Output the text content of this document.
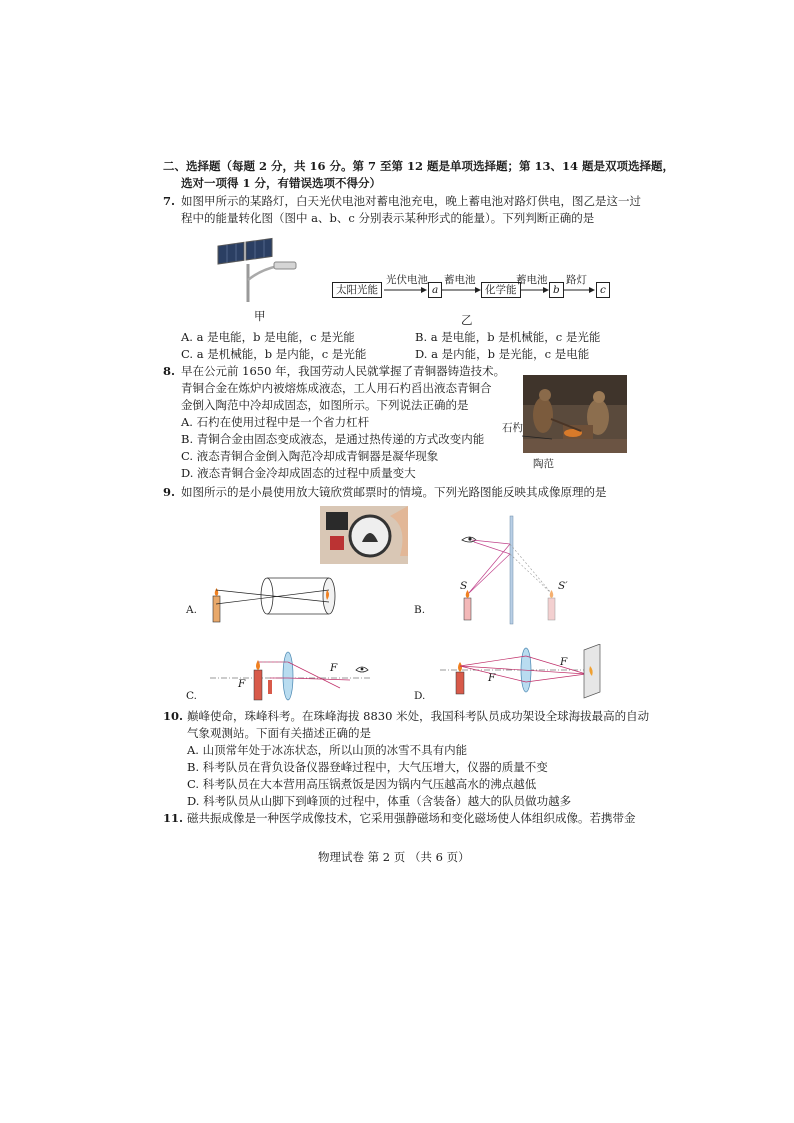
二、选择题（每题 2 分，共 16 分。第 7 至第 12 题是单项选择题；第 13、14 题是双项选择题，
选对一项得 1 分，有错误选项不得分）
7. 如图甲所示的某路灯，白天光伏电池对蓄电池充电，晚上蓄电池对路灯供电，图乙是这一过
程中的能量转化图（图中 a、b、c 分别表示某种形式的能量）。下列判断正确的是
甲
太阳光能
光伏电池
a
蓄电池
化学能
蓄电池
b
路灯
c
乙
A. a 是电能，b 是电能，c 是光能	B. a 是电能，b 是机械能，c 是光能
C. a 是机械能，b 是内能，c 是光能	D. a 是内能，b 是光能，c 是电能
8. 早在公元前 1650 年，我国劳动人民就掌握了青铜器铸造技术。
青铜合金在炼炉内被熔炼成液态，工人用石杓舀出液态青铜合
金倒入陶范中冷却成固态，如图所示。下列说法正确的是
A. 石杓在使用过程中是一个省力杠杆
B. 青铜合金由固态变成液态，是通过热传递的方式改变内能
C. 液态青铜合金倒入陶范冷却成青铜器是凝华现象
D. 液态青铜合金冷却成固态的过程中质量变大
石杓
陶范
9. 如图所示的是小晨使用放大镜欣赏邮票时的情境。下列光路图能反映其成像原理的是
A.	B.
S	S′
C.
F
F
D.
F
F
10. 巅峰使命，珠峰科考。在珠峰海拔 8830 米处，我国科考队员成功架设全球海拔最高的自动
气象观测站。下面有关描述正确的是
A. 山顶常年处于冰冻状态，所以山顶的冰雪不具有内能
B. 科考队员在背负设备仪器登峰过程中，大气压增大，仪器的质量不变
C. 科考队员在大本营用高压锅煮饭是因为锅内气压越高水的沸点越低
D. 科考队员从山脚下到峰顶的过程中，体重（含装备）越大的队员做功越多
11. 磁共振成像是一种医学成像技术，它采用强静磁场和变化磁场使人体组织成像。若携带金
物理试卷 第 2 页 （共 6 页）
